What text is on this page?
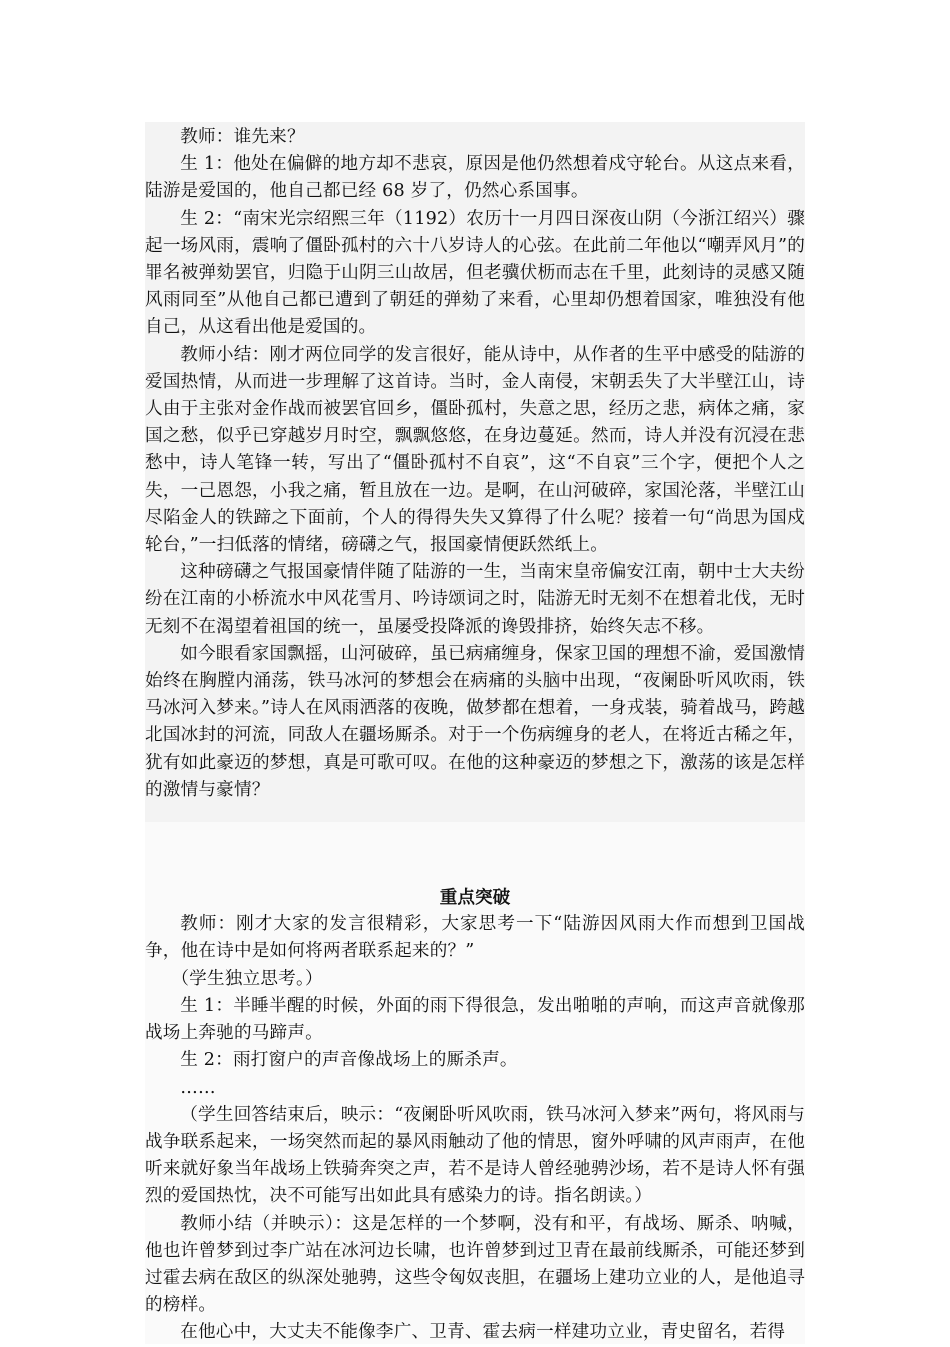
教师：谁先来？

生 1：他处在偏僻的地方却不悲哀，原因是他仍然想着戍守轮台。从这点来看，陆游是爱国的，他自己都已经 68 岁了，仍然心系国事。

生 2：“南宋光宗绍熙三年（1192）农历十一月四日深夜山阴（今浙江绍兴）骤起一场风雨，震响了僵卧孤村的六十八岁诗人的心弦。在此前二年他以“嘲弄风月”的罪名被弹劾罢官，归隐于山阴三山故居，但老骥伏枥而志在千里，此刻诗的灵感又随风雨同至”从他自己都已遭到了朝廷的弹劾了来看，心里却仍想着国家，唯独没有他自己，从这看出他是爱国的。

教师小结：刚才两位同学的发言很好，能从诗中，从作者的生平中感受的陆游的爱国热情，从而进一步理解了这首诗。当时，金人南侵，宋朝丢失了大半壁江山，诗人由于主张对金作战而被罢官回乡，僵卧孤村，失意之思，经历之悲，病体之痛，家国之愁，似乎已穿越岁月时空，飘飘悠悠，在身边蔓延。然而，诗人并没有沉浸在悲愁中，诗人笔锋一转，写出了“僵卧孤村不自哀”，这“不自哀”三个字，便把个人之失，一己恩怨，小我之痛，暂且放在一边。是啊，在山河破碎，家国沦落，半壁江山尽陷金人的铁蹄之下面前，个人的得得失失又算得了什么呢？接着一句“尚思为国戍轮台，”一扫低落的情绪，磅礴之气，报国豪情便跃然纸上。

这种磅礴之气报国豪情伴随了陆游的一生，当南宋皇帝偏安江南，朝中士大夫纷纷在江南的小桥流水中风花雪月、吟诗颂词之时，陆游无时无刻不在想着北伐，无时无刻不在渴望着祖国的统一，虽屡受投降派的谗毁排挤，始终矢志不移。

如今眼看家国飘摇，山河破碎，虽已病痛缠身，保家卫国的理想不渝，爱国激情始终在胸膛内涌荡，铁马冰河的梦想会在病痛的头脑中出现，“夜阑卧听风吹雨，铁马冰河入梦来。”诗人在风雨洒落的夜晚，做梦都在想着，一身戎装，骑着战马，跨越北国冰封的河流，同敌人在疆场厮杀。对于一个伤病缠身的老人，在将近古稀之年，犹有如此豪迈的梦想，真是可歌可叹。在他的这种豪迈的梦想之下，激荡的该是怎样的激情与豪情？

重点突破

教师：刚才大家的发言很精彩，大家思考一下“陆游因风雨大作而想到卫国战争，他在诗中是如何将两者联系起来的？”

（学生独立思考。）

生 1：半睡半醒的时候，外面的雨下得很急，发出啪啪的声响，而这声音就像那战场上奔驰的马蹄声。

生 2：雨打窗户的声音像战场上的厮杀声。

……

（学生回答结束后，映示：“夜阑卧听风吹雨，铁马冰河入梦来”两句，将风雨与战争联系起来，一场突然而起的暴风雨触动了他的情思，窗外呼啸的风声雨声，在他听来就好象当年战场上铁骑奔突之声，若不是诗人曾经驰骋沙场，若不是诗人怀有强烈的爱国热忱，决不可能写出如此具有感染力的诗。指名朗读。）

教师小结（并映示）：这是怎样的一个梦啊，没有和平，有战场、厮杀、呐喊，他也许曾梦到过李广站在冰河边长啸，也许曾梦到过卫青在最前线厮杀，可能还梦到过霍去病在敌区的纵深处驰骋，这些令匈奴丧胆，在疆场上建功立业的人，是他追寻的榜样。

在他心中，大丈夫不能像李广、卫青、霍去病一样建功立业，青史留名，若得
